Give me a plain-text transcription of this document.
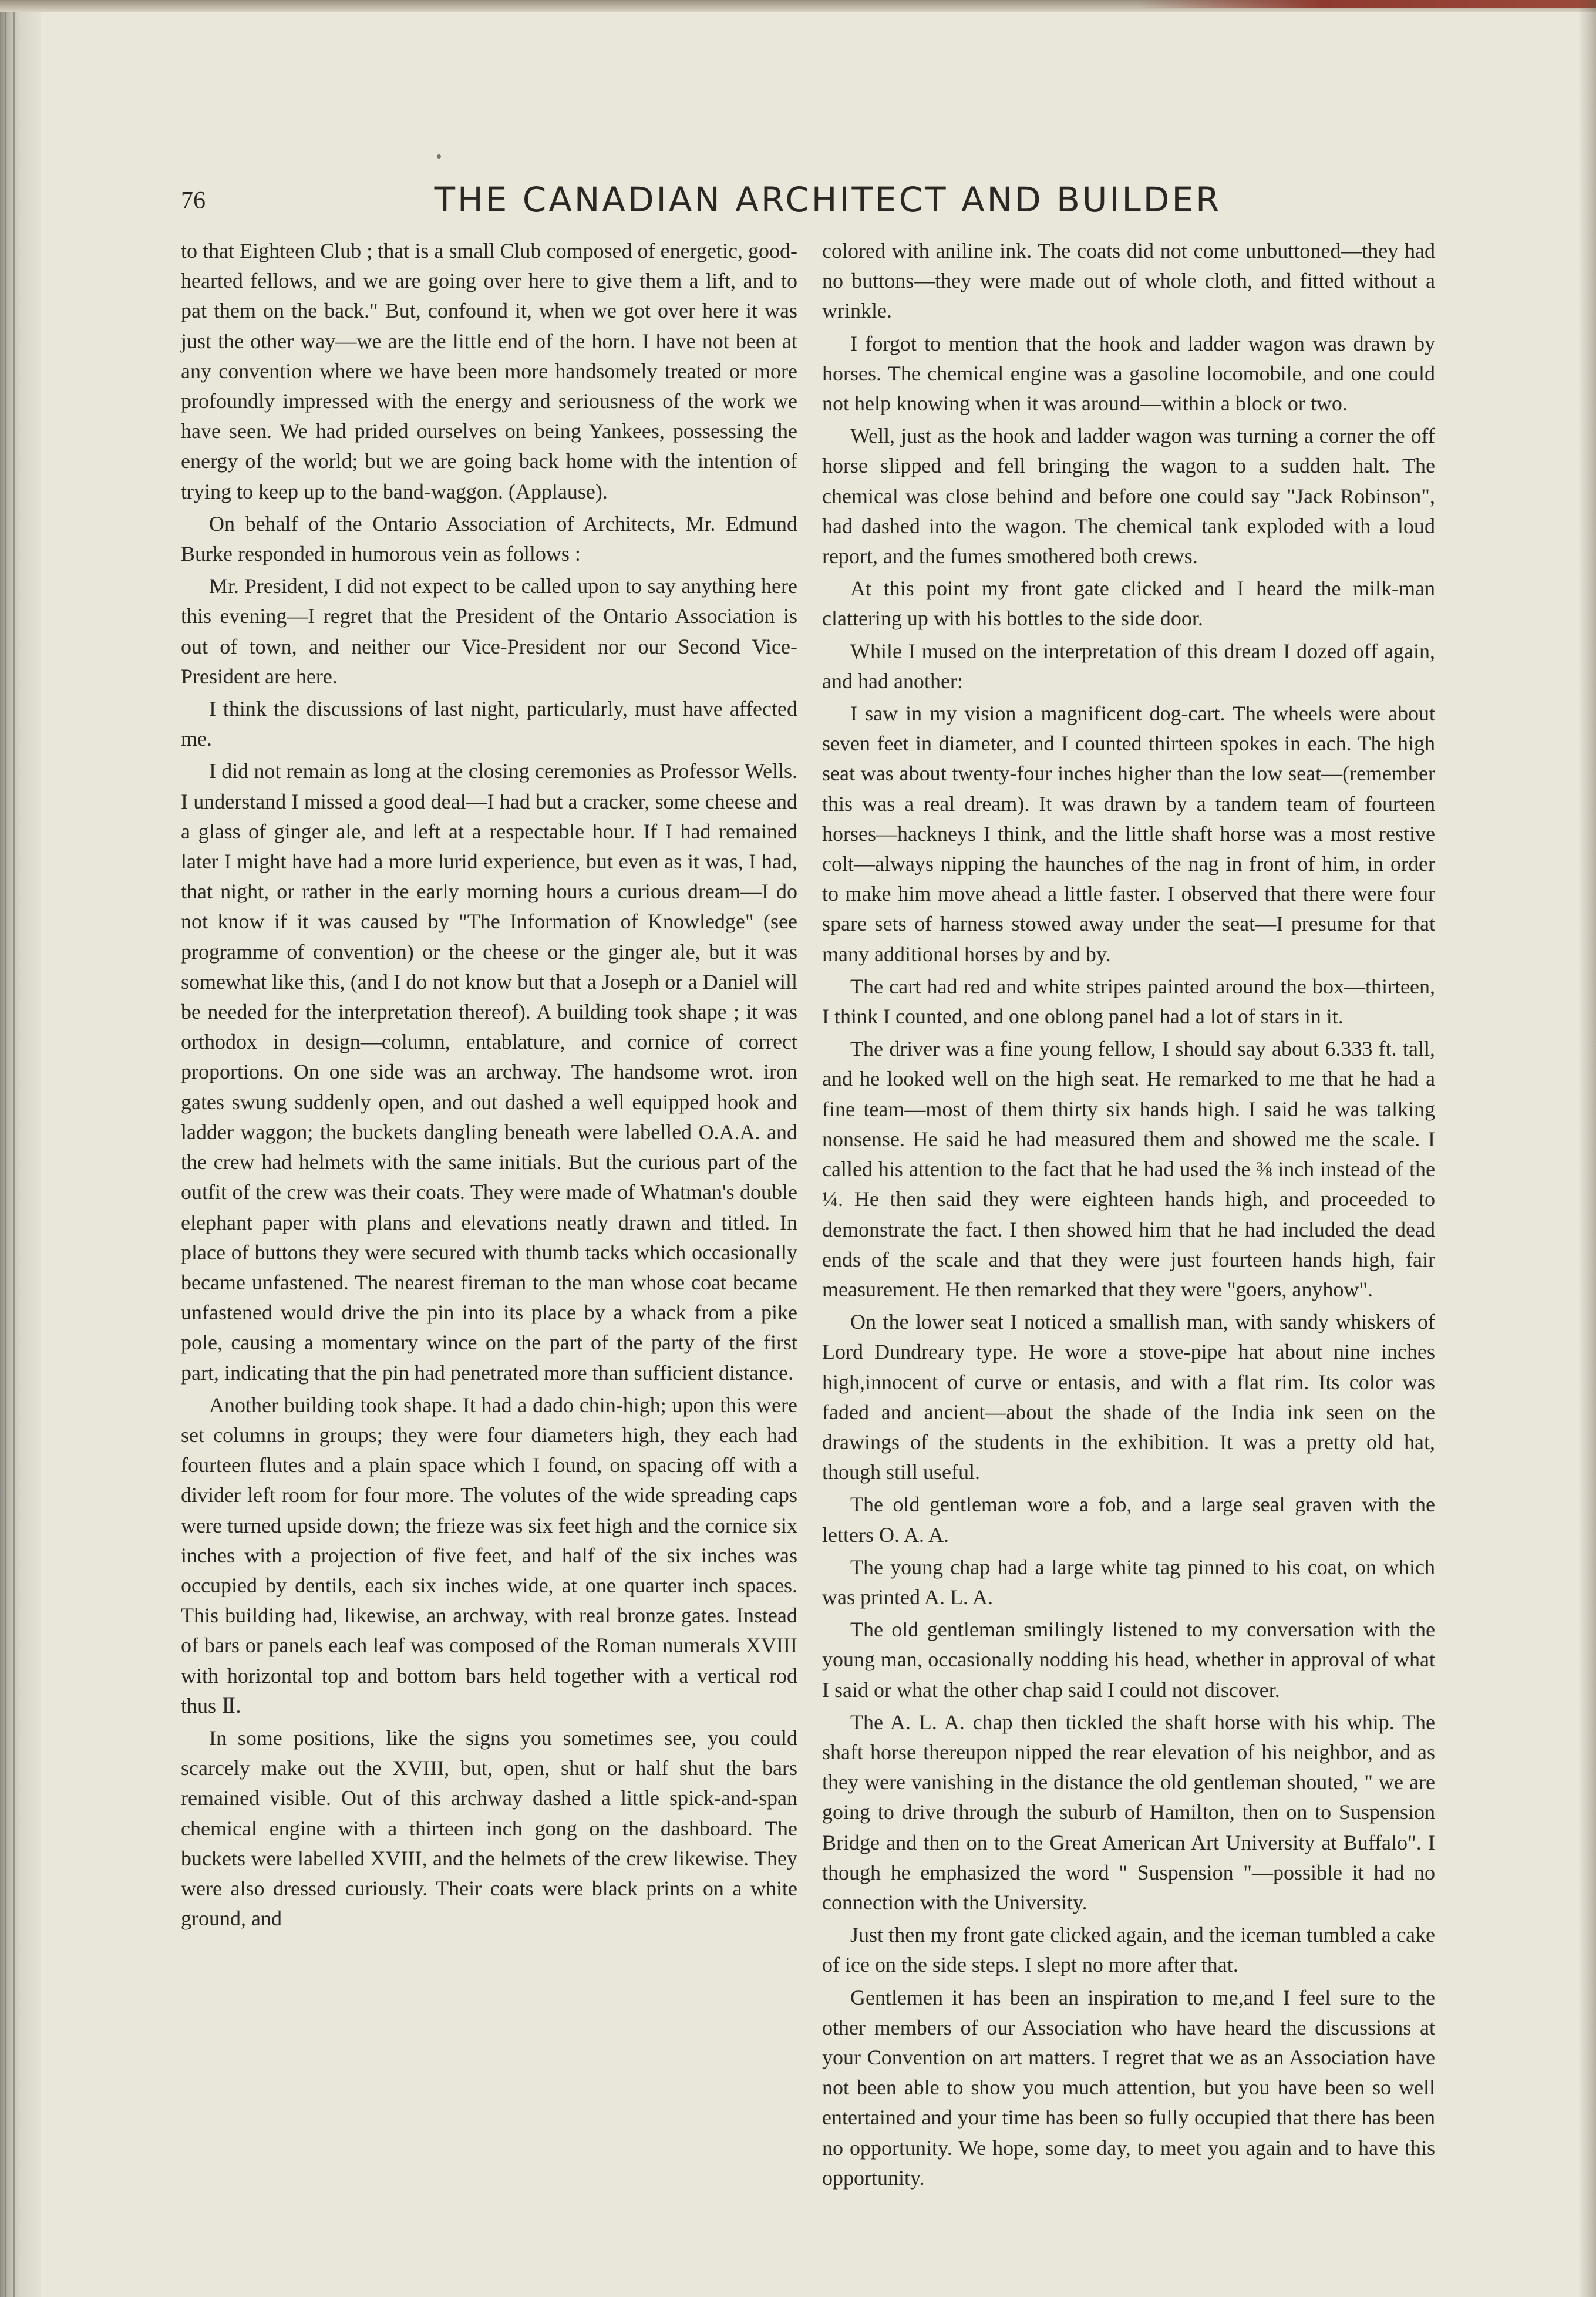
76	THE CANADIAN ARCHITECT AND BUILDER

to that Eighteen Club ; that is a small Club composed of energetic, good-hearted fellows, and we are going over here to give them a lift, and to pat them on the back." But, confound it, when we got over here it was just the other way—we are the little end of the horn. I have not been at any convention where we have been more handsomely treated or more profoundly impressed with the energy and seriousness of the work we have seen. We had prided ourselves on being Yankees, possessing the energy of the world; but we are going back home with the intention of trying to keep up to the band-waggon. (Applause).

On behalf of the Ontario Association of Architects, Mr. Edmund Burke responded in humorous vein as follows :

Mr. President, I did not expect to be called upon to say anything here this evening—I regret that the President of the Ontario Association is out of town, and neither our Vice-President nor our Second Vice-President are here.

I think the discussions of last night, particularly, must have affected me.

I did not remain as long at the closing ceremonies as Professor Wells. I understand I missed a good deal—I had but a cracker, some cheese and a glass of ginger ale, and left at a respectable hour. If I had remained later I might have had a more lurid experience, but even as it was, I had, that night, or rather in the early morning hours a curious dream—I do not know if it was caused by "The Information of Knowledge" (see programme of convention) or the cheese or the ginger ale, but it was somewhat like this, (and I do not know but that a Joseph or a Daniel will be needed for the interpretation thereof). A building took shape ; it was orthodox in design—column, entablature, and cornice of correct proportions. On one side was an archway. The handsome wrot. iron gates swung suddenly open, and out dashed a well equipped hook and ladder waggon; the buckets dangling beneath were labelled O.A.A. and the crew had helmets with the same initials. But the curious part of the outfit of the crew was their coats. They were made of Whatman's double elephant paper with plans and elevations neatly drawn and titled. In place of buttons they were secured with thumb tacks which occasionally became unfastened. The nearest fireman to the man whose coat became unfastened would drive the pin into its place by a whack from a pike pole, causing a momentary wince on the part of the party of the first part, indicating that the pin had penetrated more than sufficient distance.

Another building took shape. It had a dado chin-high; upon this were set columns in groups; they were four diameters high, they each had fourteen flutes and a plain space which I found, on spacing off with a divider left room for four more. The volutes of the wide spreading caps were turned upside down; the frieze was six feet high and the cornice six inches with a projection of five feet, and half of the six inches was occupied by dentils, each six inches wide, at one quarter inch spaces. This building had, likewise, an archway, with real bronze gates. Instead of bars or panels each leaf was composed of the Roman numerals XVIII with horizontal top and bottom bars held together with a vertical rod thus Ⅱ.

In some positions, like the signs you sometimes see, you could scarcely make out the XVIII, but, open, shut or half shut the bars remained visible. Out of this archway dashed a little spick-and-span chemical engine with a thirteen inch gong on the dashboard. The buckets were labelled XVIII, and the helmets of the crew likewise. They were also dressed curiously. Their coats were black prints on a white ground, and

colored with aniline ink. The coats did not come unbuttoned—they had no buttons—they were made out of whole cloth, and fitted without a wrinkle.

I forgot to mention that the hook and ladder wagon was drawn by horses. The chemical engine was a gasoline locomobile, and one could not help knowing when it was around—within a block or two.

Well, just as the hook and ladder wagon was turning a corner the off horse slipped and fell bringing the wagon to a sudden halt. The chemical was close behind and before one could say "Jack Robinson", had dashed into the wagon. The chemical tank exploded with a loud report, and the fumes smothered both crews.

At this point my front gate clicked and I heard the milk-man clattering up with his bottles to the side door.

While I mused on the interpretation of this dream I dozed off again, and had another:

I saw in my vision a magnificent dog-cart. The wheels were about seven feet in diameter, and I counted thirteen spokes in each. The high seat was about twenty-four inches higher than the low seat—(remember this was a real dream). It was drawn by a tandem team of fourteen horses—hackneys I think, and the little shaft horse was a most restive colt—always nipping the haunches of the nag in front of him, in order to make him move ahead a little faster. I observed that there were four spare sets of harness stowed away under the seat—I presume for that many additional horses by and by.

The cart had red and white stripes painted around the box—thirteen, I think I counted, and one oblong panel had a lot of stars in it.

The driver was a fine young fellow, I should say about 6.333 ft. tall, and he looked well on the high seat. He remarked to me that he had a fine team—most of them thirty six hands high. I said he was talking nonsense. He said he had measured them and showed me the scale. I called his attention to the fact that he had used the ⅜ inch instead of the ¼. He then said they were eighteen hands high, and proceeded to demonstrate the fact. I then showed him that he had included the dead ends of the scale and that they were just fourteen hands high, fair measurement. He then remarked that they were "goers, anyhow".

On the lower seat I noticed a smallish man, with sandy whiskers of Lord Dundreary type. He wore a stove-pipe hat about nine inches high,innocent of curve or entasis, and with a flat rim. Its color was faded and ancient—about the shade of the India ink seen on the drawings of the students in the exhibition. It was a pretty old hat, though still useful.

The old gentleman wore a fob, and a large seal graven with the letters O. A. A.

The young chap had a large white tag pinned to his coat, on which was printed A. L. A.

The old gentleman smilingly listened to my conversation with the young man, occasionally nodding his head, whether in approval of what I said or what the other chap said I could not discover.

The A. L. A. chap then tickled the shaft horse with his whip. The shaft horse thereupon nipped the rear elevation of his neighbor, and as they were vanishing in the distance the old gentleman shouted, " we are going to drive through the suburb of Hamilton, then on to Suspension Bridge and then on to the Great American Art University at Buffalo". I though he emphasized the word " Suspension "—possible it had no connection with the University.

Just then my front gate clicked again, and the iceman tumbled a cake of ice on the side steps. I slept no more after that.

Gentlemen it has been an inspiration to me,and I feel sure to the other members of our Association who have heard the discussions at your Convention on art matters. I regret that we as an Association have not been able to show you much attention, but you have been so well entertained and your time has been so fully occupied that there has been no opportunity. We hope, some day, to meet you again and to have this opportunity.
